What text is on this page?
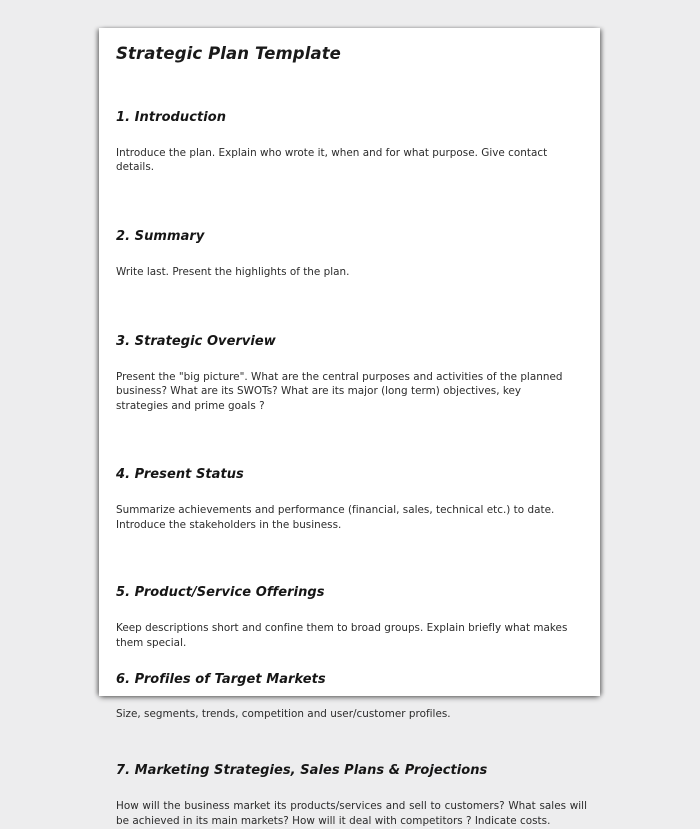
Strategic Plan Template
1. Introduction

Introduce the plan. Explain who wrote it, when and for what purpose. Give contact details.

2. Summary

Write last. Present the highlights of the plan.

3. Strategic Overview

Present the "big picture". What are the central purposes and activities of the planned business? What are its SWOTs? What are its major (long term) objectives, key strategies and prime goals ?

4. Present Status

Summarize achievements and performance (financial, sales, technical etc.) to date. Introduce the stakeholders in the business.

5. Product/Service Offerings

Keep descriptions short and confine them to broad groups. Explain briefly what makes them special.

6. Profiles of Target Markets

Size, segments, trends, competition and user/customer profiles.

7. Marketing Strategies, Sales Plans & Projections

How will the business market its products/services and sell to customers? What sales will be achieved in its main markets? How will it deal with competitors ? Indicate costs.
